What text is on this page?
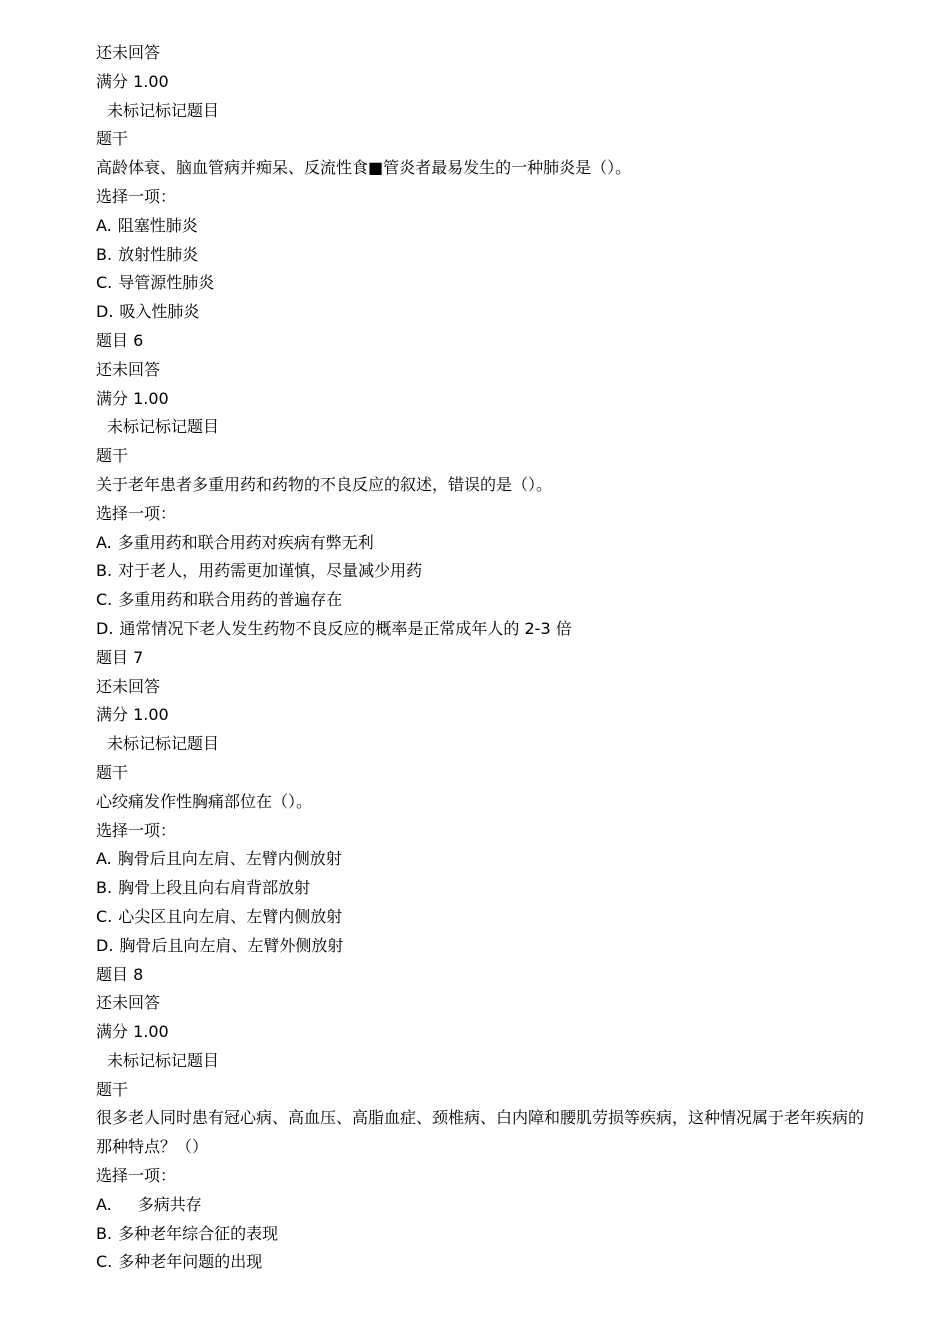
还未回答
满分 1.00
未标记标记题目
题干
高龄体衰、脑血管病并痴呆、反流性食■管炎者最易发生的一种肺炎是（）。
选择一项：
A. 阻塞性肺炎
B. 放射性肺炎
C. 导管源性肺炎
D. 吸入性肺炎
题目 6
还未回答
满分 1.00
未标记标记题目
题干
关于老年患者多重用药和药物的不良反应的叙述，错误的是（）。
选择一项：
A. 多重用药和联合用药对疾病有弊无利
B. 对于老人，用药需更加谨慎，尽量减少用药
C. 多重用药和联合用药的普遍存在
D. 通常情况下老人发生药物不良反应的概率是正常成年人的 2-3 倍
题目 7
还未回答
满分 1.00
未标记标记题目
题干
心绞痛发作性胸痛部位在（）。
选择一项：
A. 胸骨后且向左肩、左臂内侧放射
B. 胸骨上段且向右肩背部放射
C. 心尖区且向左肩、左臂内侧放射
D. 胸骨后且向左肩、左臂外侧放射
题目 8
还未回答
满分 1.00
未标记标记题目
题干
很多老人同时患有冠心病、高血压、高脂血症、颈椎病、白内障和腰肌劳损等疾病，这种情况属于老年疾病的那种特点？（）
选择一项：
A. 多病共存
B. 多种老年综合征的表现
C. 多种老年问题的出现
